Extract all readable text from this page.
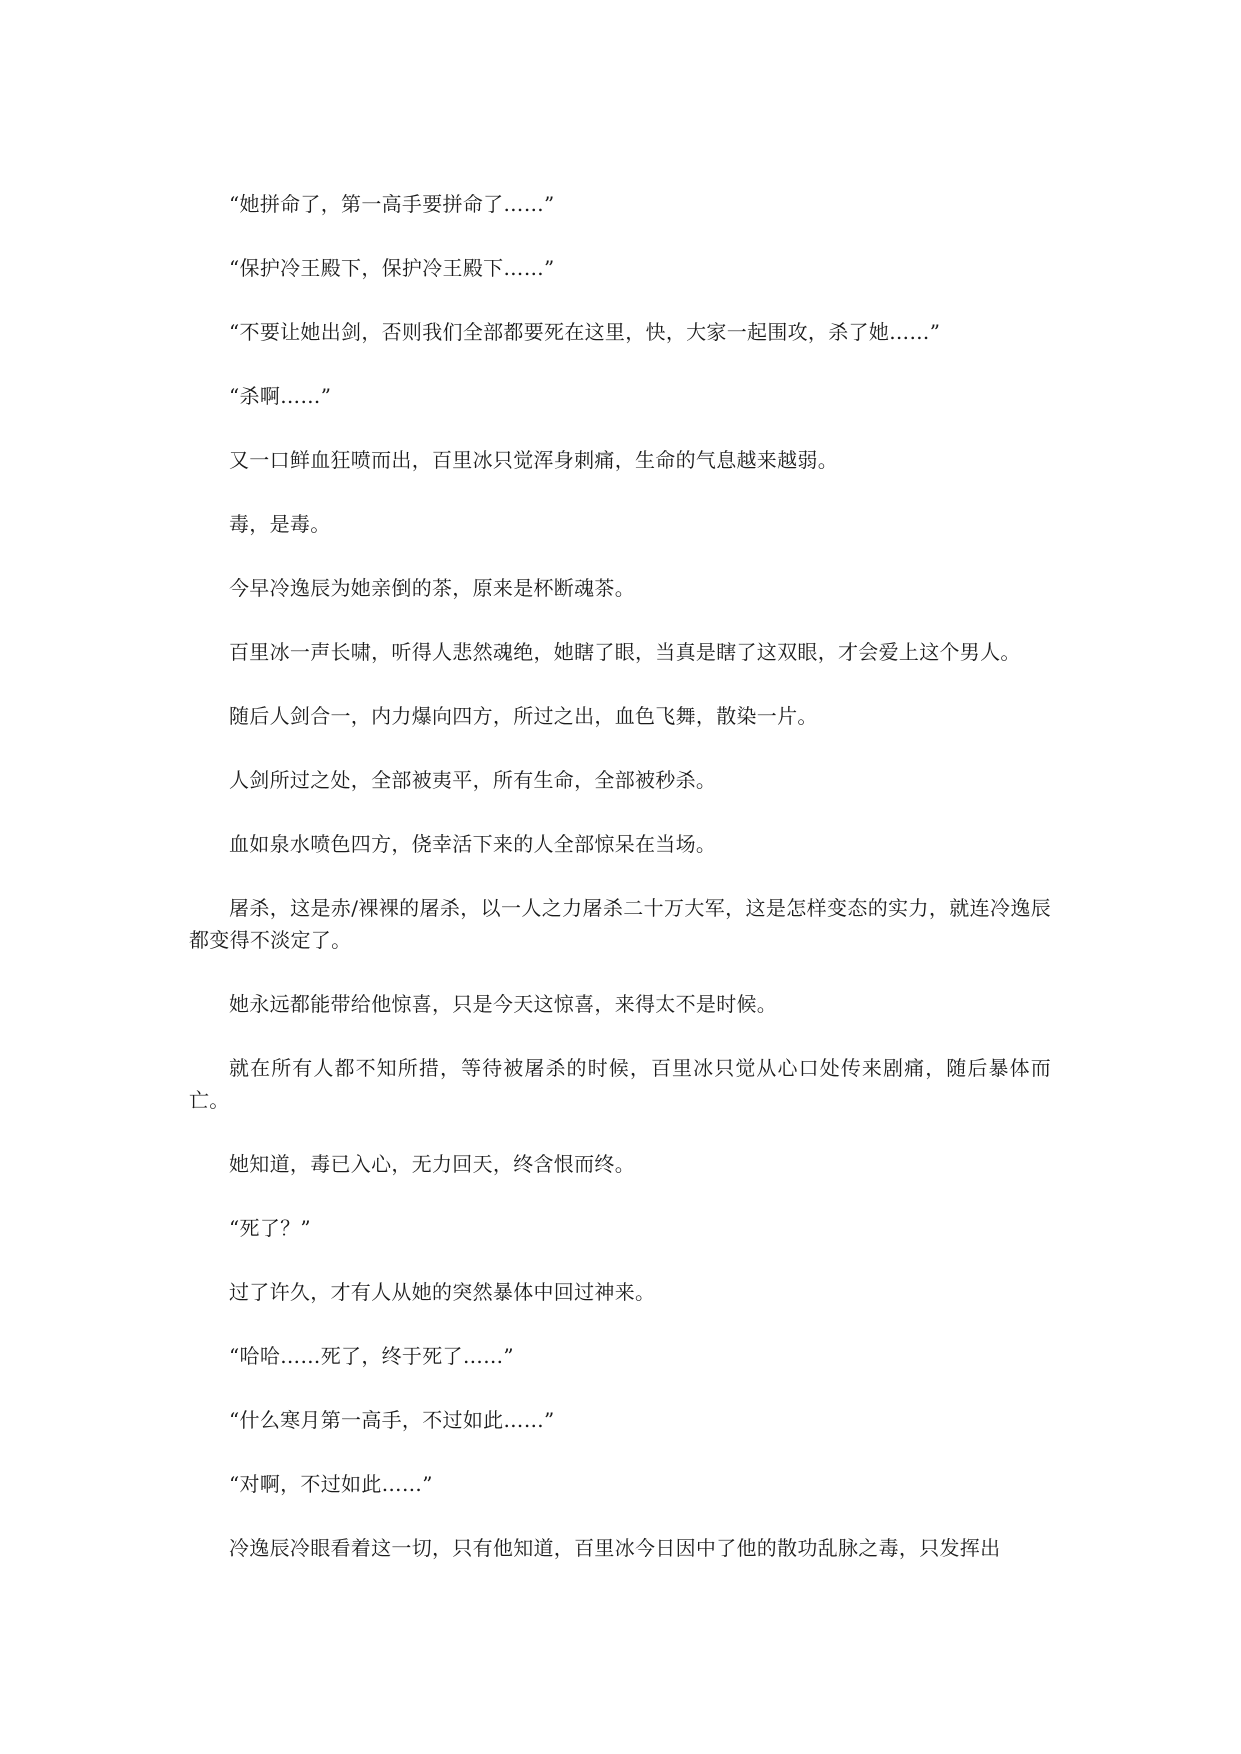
“她拼命了，第一高手要拼命了……”

“保护冷王殿下，保护冷王殿下……”

“不要让她出剑，否则我们全部都要死在这里，快，大家一起围攻，杀了她……”

“杀啊……”

又一口鲜血狂喷而出，百里冰只觉浑身刺痛，生命的气息越来越弱。

毒，是毒。

今早冷逸辰为她亲倒的茶，原来是杯断魂茶。

百里冰一声长啸，听得人悲然魂绝，她瞎了眼，当真是瞎了这双眼，才会爱上这个男人。

随后人剑合一，内力爆向四方，所过之出，血色飞舞，散染一片。

人剑所过之处，全部被夷平，所有生命，全部被秒杀。

血如泉水喷色四方，侥幸活下来的人全部惊呆在当场。

屠杀，这是赤/裸裸的屠杀，以一人之力屠杀二十万大军，这是怎样变态的实力，就连冷逸辰都变得不淡定了。

她永远都能带给他惊喜，只是今天这惊喜，来得太不是时候。

就在所有人都不知所措，等待被屠杀的时候，百里冰只觉从心口处传来剧痛，随后暴体而亡。

她知道，毒已入心，无力回天，终含恨而终。

“死了？”

过了许久，才有人从她的突然暴体中回过神来。

“哈哈……死了，终于死了……”

“什么寒月第一高手，不过如此……”

“对啊，不过如此……”

冷逸辰冷眼看着这一切，只有他知道，百里冰今日因中了他的散功乱脉之毒，只发挥出
